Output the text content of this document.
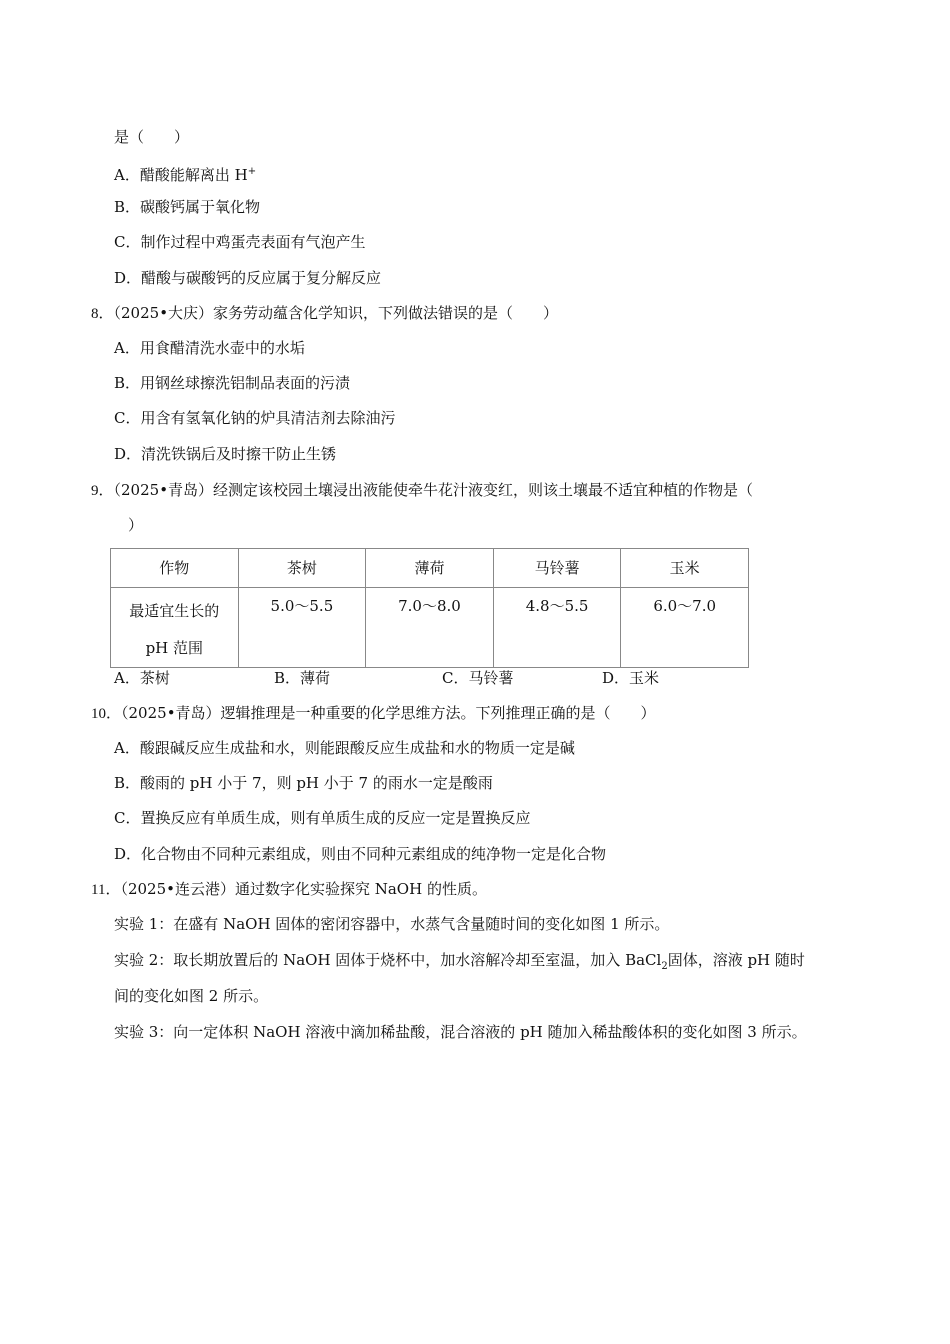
是（　　）
A．醋酸能解离出 H+
B．碳酸钙属于氧化物
C．制作过程中鸡蛋壳表面有气泡产生
D．醋酸与碳酸钙的反应属于复分解反应
8．（2025•大庆）家务劳动蕴含化学知识，下列做法错误的是（　　）
A．用食醋清洗水壶中的水垢
B．用钢丝球擦洗铝制品表面的污渍
C．用含有氢氧化钠的炉具清洁剂去除油污
D．清洗铁锅后及时擦干防止生锈
9．（2025•青岛）经测定该校园土壤浸出液能使牵牛花汁液变红，则该土壤最不适宜种植的作物是（
）
作物	茶树	薄荷	马铃薯	玉米

最适宜生长的
pH 范围	5.0～5.5	7.0～8.0	4.8～5.5	6.0～7.0
A．茶树	B．薄荷	C．马铃薯	D．玉米
10．（2025•青岛）逻辑推理是一种重要的化学思维方法。下列推理正确的是（　　）
A．酸跟碱反应生成盐和水，则能跟酸反应生成盐和水的物质一定是碱
B．酸雨的 pH 小于 7，则 pH 小于 7 的雨水一定是酸雨
C．置换反应有单质生成，则有单质生成的反应一定是置换反应
D．化合物由不同种元素组成，则由不同种元素组成的纯净物一定是化合物
11．（2025•连云港）通过数字化实验探究 NaOH 的性质。
实验 1：在盛有 NaOH 固体的密闭容器中，水蒸气含量随时间的变化如图 1 所示。
实验 2：取长期放置后的 NaOH 固体于烧杯中，加水溶解冷却至室温，加入 BaCl$_2$固体，溶液 pH 随时
间的变化如图 2 所示。
实验 3：向一定体积 NaOH 溶液中滴加稀盐酸，混合溶液的 pH 随加入稀盐酸体积的变化如图 3 所示。
